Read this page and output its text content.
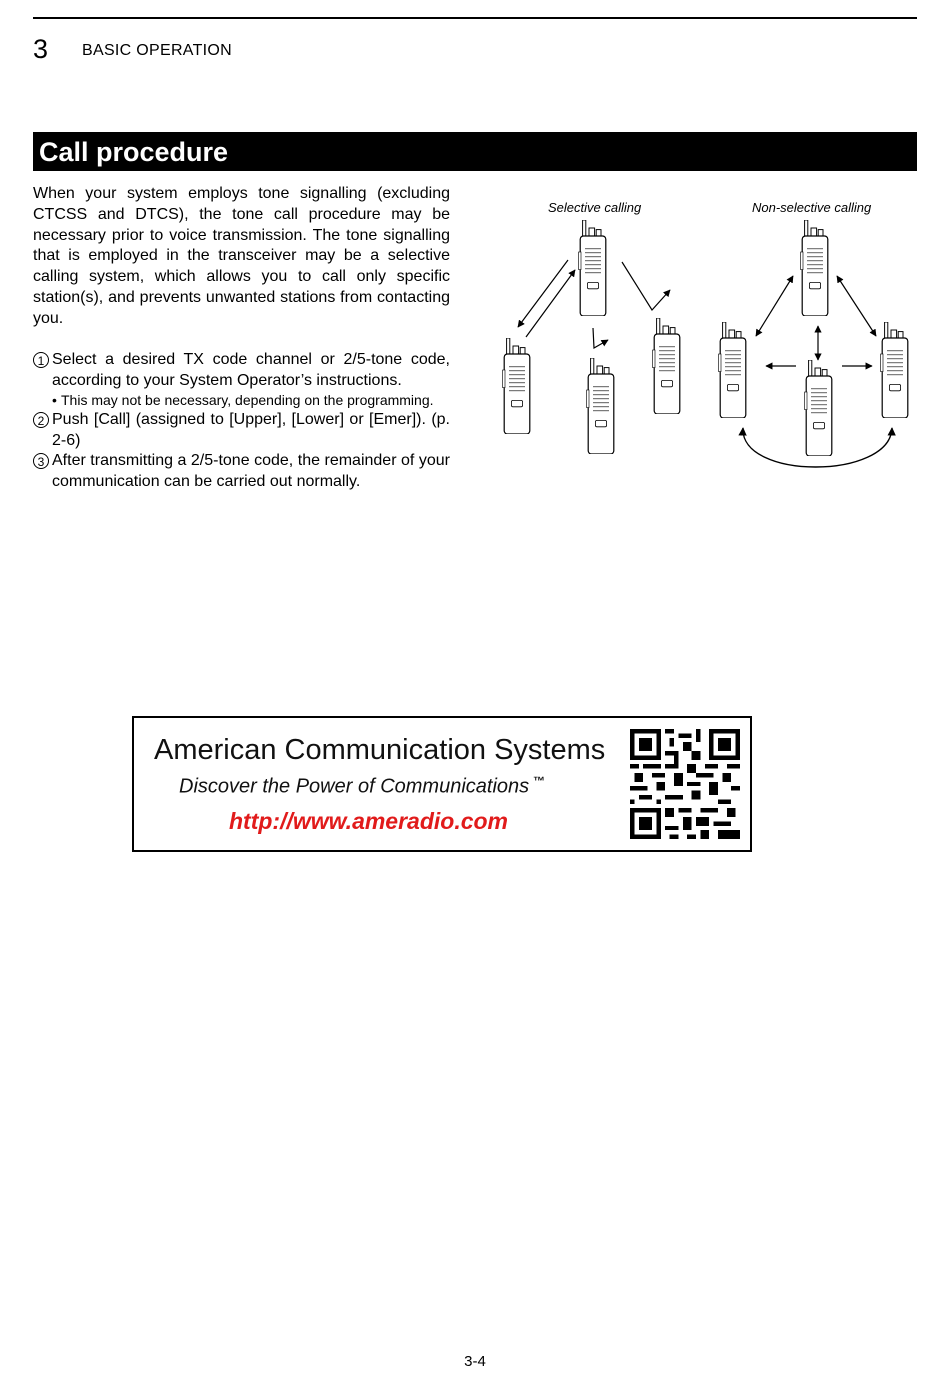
3 BASIC OPERATION
Call procedure

When your system employs tone signalling (excluding CTCSS and DTCS), the tone call procedure may be necessary prior to voice transmission. The tone signalling that is employed in the transceiver may be a selective calling system, which allows you to call only specific station(s), and prevents unwanted stations from contacting you.

1 Select a desired TX code channel or 2/5-tone code, according to your System Operator’s instructions.
• This may not be necessary, depending on the programming.
2 Push [Call] (assigned to [Upper], [Lower] or [Emer]). (p. 2-6)
3 After transmitting a 2/5-tone code, the remainder of your communication can be carried out normally.
Selective calling	Non-selective calling
American Communication Systems
Discover the Power of Communications ™
http://www.ameradio.com
3-4
